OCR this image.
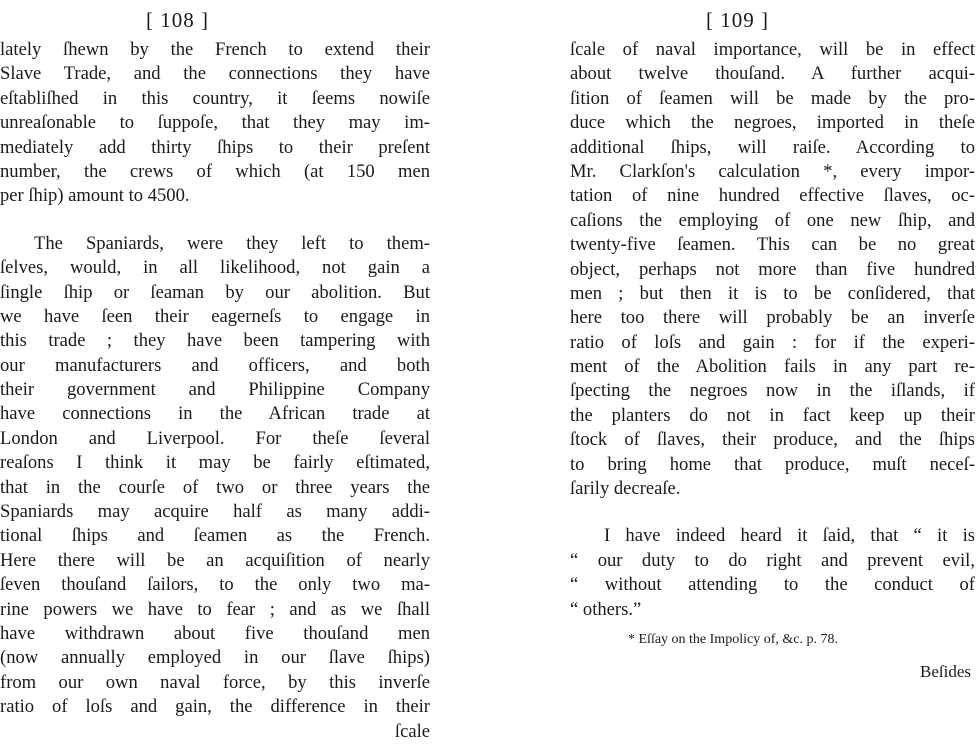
[ 108 ]
lately ſhewn by the French to extend their
Slave Trade, and the connections they have
eſtabliſhed in this country, it ſeems nowiſe
unreaſonable to ſuppoſe, that they may im-
mediately add thirty ſhips to their preſent
number, the crews of which (at 150 men
per ſhip) amount to 4500.
The Spaniards, were they left to them-
ſelves, would, in all likelihood, not gain a
ſingle ſhip or ſeaman by our abolition. But
we have ſeen their eagerneſs to engage in
this trade ; they have been tampering with
our manufacturers and officers, and both
their government and Philippine Company
have connections in the African trade at
London and Liverpool. For theſe ſeveral
reaſons I think it may be fairly eſtimated,
that in the courſe of two or three years the
Spaniards may acquire half as many addi-
tional ſhips and ſeamen as the French.
Here there will be an acquiſition of nearly
ſeven thouſand ſailors, to the only two ma-
rine powers we have to fear ; and as we ſhall
have withdrawn about five thouſand men
(now annually employed in our ſlave ſhips)
from our own naval force, by this inverſe
ratio of loſs and gain, the difference in their
ſcale
[ 109 ]
ſcale of naval importance, will be in effect
about twelve thouſand. A further acqui-
ſition of ſeamen will be made by the pro-
duce which the negroes, imported in theſe
additional ſhips, will raiſe. According to
Mr. Clarkſon's calculation *, every impor-
tation of nine hundred effective ſlaves, oc-
caſions the employing of one new ſhip, and
twenty-five ſeamen. This can be no great
object, perhaps not more than five hundred
men ; but then it is to be conſidered, that
here too there will probably be an inverſe
ratio of loſs and gain : for if the experi-
ment of the Abolition fails in any part re-
ſpecting the negroes now in the iſlands, if
the planters do not in fact keep up their
ſtock of ſlaves, their produce, and the ſhips
to bring home that produce, muſt neceſ-
ſarily decreaſe.
I have indeed heard it ſaid, that “ it is
“ our duty to do right and prevent evil,
“ without attending to the conduct of
“ others.”
* Eſſay on the Impolicy of, &c. p. 78.
Beſides
